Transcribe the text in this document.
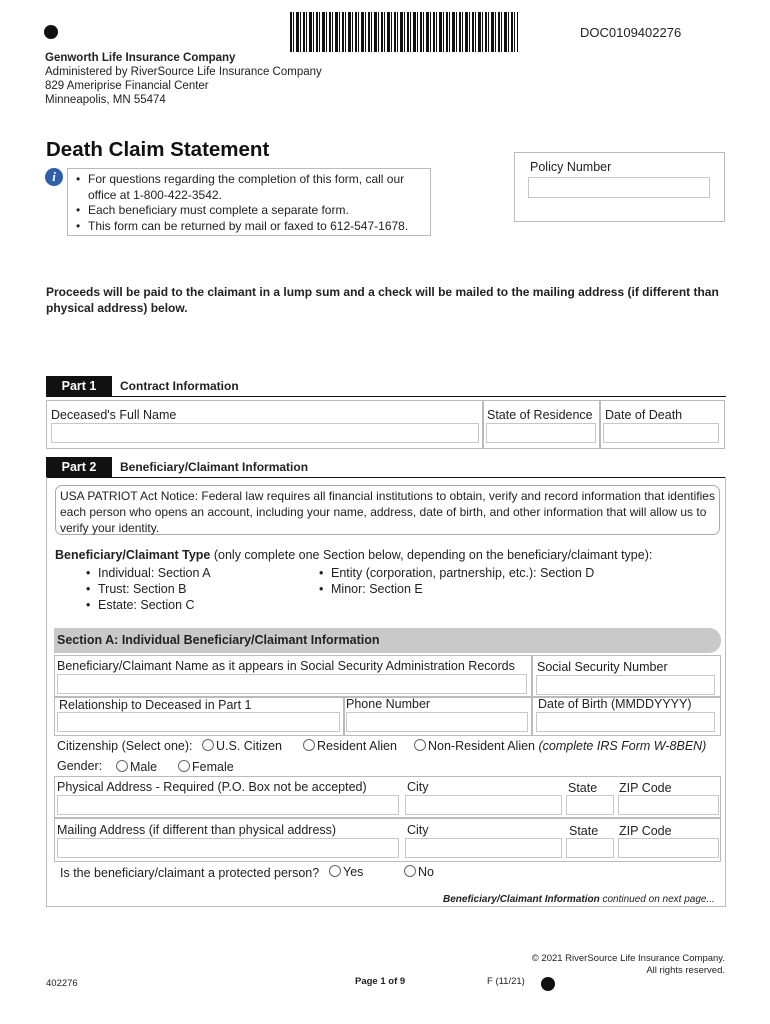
DOC0109402276
Genworth Life Insurance Company
Administered by RiverSource Life Insurance Company
829 Ameriprise Financial Center
Minneapolis, MN 55474
Death Claim Statement
i
•	For questions regarding the completion of this form, call our office at 1-800-422-3542.
• Each beneficiary must complete a separate form.
• This form can be returned by mail or faxed to 612-547-1678.
Policy Number
Proceeds will be paid to the claimant in a lump sum and a check will be mailed to the mailing address (if different than physical address) below.
Part 1	Contract Information
Deceased's Full Name	State of Residence Date of Death
Part 2	Beneficiary/Claimant Information
USA PATRIOT Act Notice: Federal law requires all financial institutions to obtain, verify and record information that identifies each person who opens an account, including your name, address, date of birth, and other information that will allow us to verify your identity.
Beneficiary/Claimant Type (only complete one Section below, depending on the beneficiary/claimant type):
• Individual: Section A
• Trust: Section B
• Estate: Section C
• Entity (corporation, partnership, etc.): Section D
• Minor: Section E
Section A: Individual Beneficiary/Claimant Information
Beneficiary/Claimant Name as it appears in Social Security Administration Records Social Security Number
Relationship to Deceased in Part 1	Phone Number	Date of Birth (MMDDYYYY)
Citizenship (Select one):	U.S. Citizen	Resident Alien	Non-Resident Alien (complete IRS Form W-8BEN)
Gender:	Male	Female
Physical Address - Required (P.O. Box not be accepted)	City	State ZIP Code
Mailing Address (if different than physical address)	City	State ZIP Code
Is the beneficiary/claimant a protected person?	Yes	No
Beneficiary/Claimant Information continued on next page...
© 2021 RiverSource Life Insurance Company.
All rights reserved.
402276	Page 1 of 9	F (11/21)
